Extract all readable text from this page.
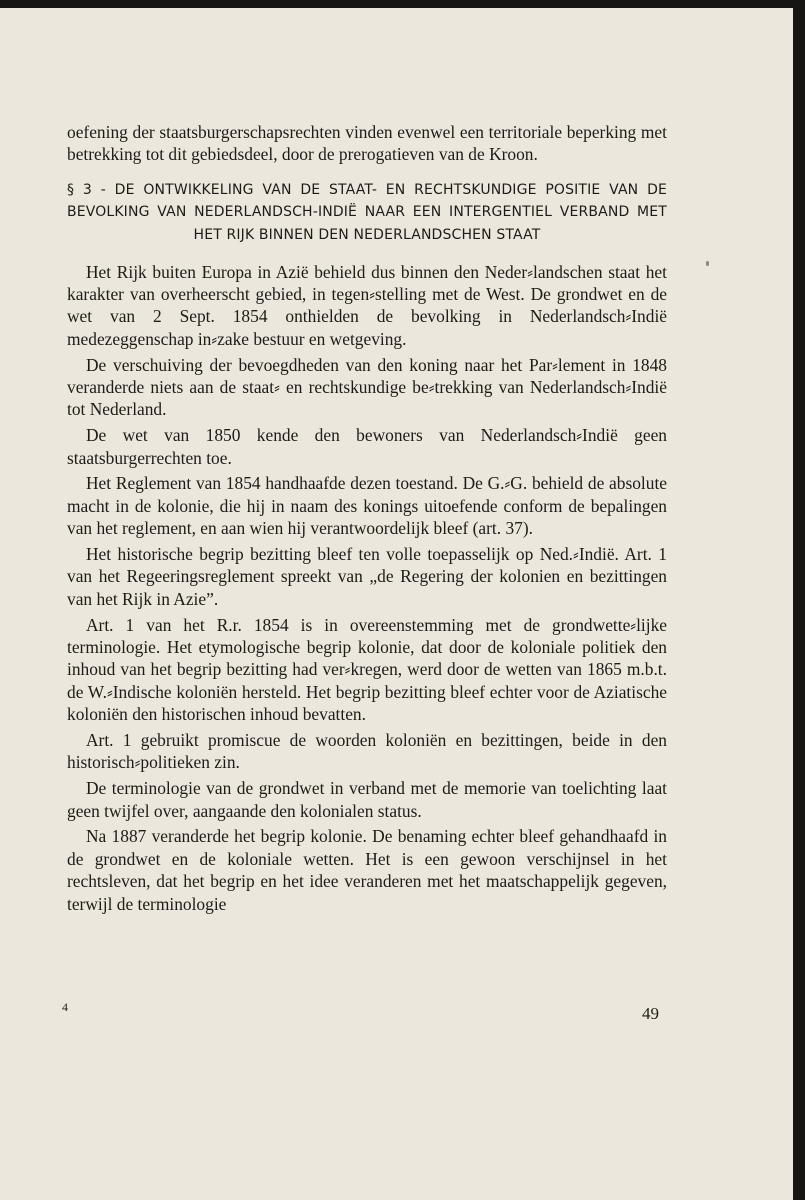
oefening der staatsburgerschapsrechten vinden evenwel een territoriale beperking met betrekking tot dit gebiedsdeel, door de prerogatieven van de Kroon.

§ 3 - DE ONTWIKKELING VAN DE STAAT- EN RECHTSKUNDIGE POSITIE VAN DE BEVOLKING VAN NEDERLANDSCH-INDIË NAAR EEN INTERGENTIEL VERBAND MET HET RIJK BINNEN DEN NEDERLANDSCHEN STAAT

Het Rijk buiten Europa in Azië behield dus binnen den Neder⸗landschen staat het karakter van overheerscht gebied, in tegen⸗stelling met de West. De grondwet en de wet van 2 Sept. 1854 onthielden de bevolking in Nederlandsch⸗Indië medezeggenschap in⸗zake bestuur en wetgeving.

De verschuiving der bevoegdheden van den koning naar het Par⸗lement in 1848 veranderde niets aan de staat⸗ en rechtskundige be⸗trekking van Nederlandsch⸗Indië tot Nederland.

De wet van 1850 kende den bewoners van Nederlandsch⸗Indië geen staatsburgerrechten toe.

Het Reglement van 1854 handhaafde dezen toestand. De G.⸗G. behield de absolute macht in de kolonie, die hij in naam des konings uitoefende conform de bepalingen van het reglement, en aan wien hij verantwoordelijk bleef (art. 37).

Het historische begrip bezitting bleef ten volle toepasselijk op Ned.⸗Indië. Art. 1 van het Regeeringsreglement spreekt van „de Regering der kolonien en bezittingen van het Rijk in Azie”.

Art. 1 van het R.r. 1854 is in overeenstemming met de grondwette⸗lijke terminologie. Het etymologische begrip kolonie, dat door de koloniale politiek den inhoud van het begrip bezitting had ver⸗kregen, werd door de wetten van 1865 m.b.t. de W.⸗Indische koloniën hersteld. Het begrip bezitting bleef echter voor de Aziatische koloniën den historischen inhoud bevatten.

Art. 1 gebruikt promiscue de woorden koloniën en bezittingen, beide in den historisch⸗politieken zin.

De terminologie van de grondwet in verband met de memorie van toelichting laat geen twijfel over, aangaande den kolonialen status.

Na 1887 veranderde het begrip kolonie. De benaming echter bleef gehandhaafd in de grondwet en de koloniale wetten. Het is een gewoon verschijnsel in het rechtsleven, dat het begrip en het idee veranderen met het maatschappelijk gegeven, terwijl de terminologie

4	49
